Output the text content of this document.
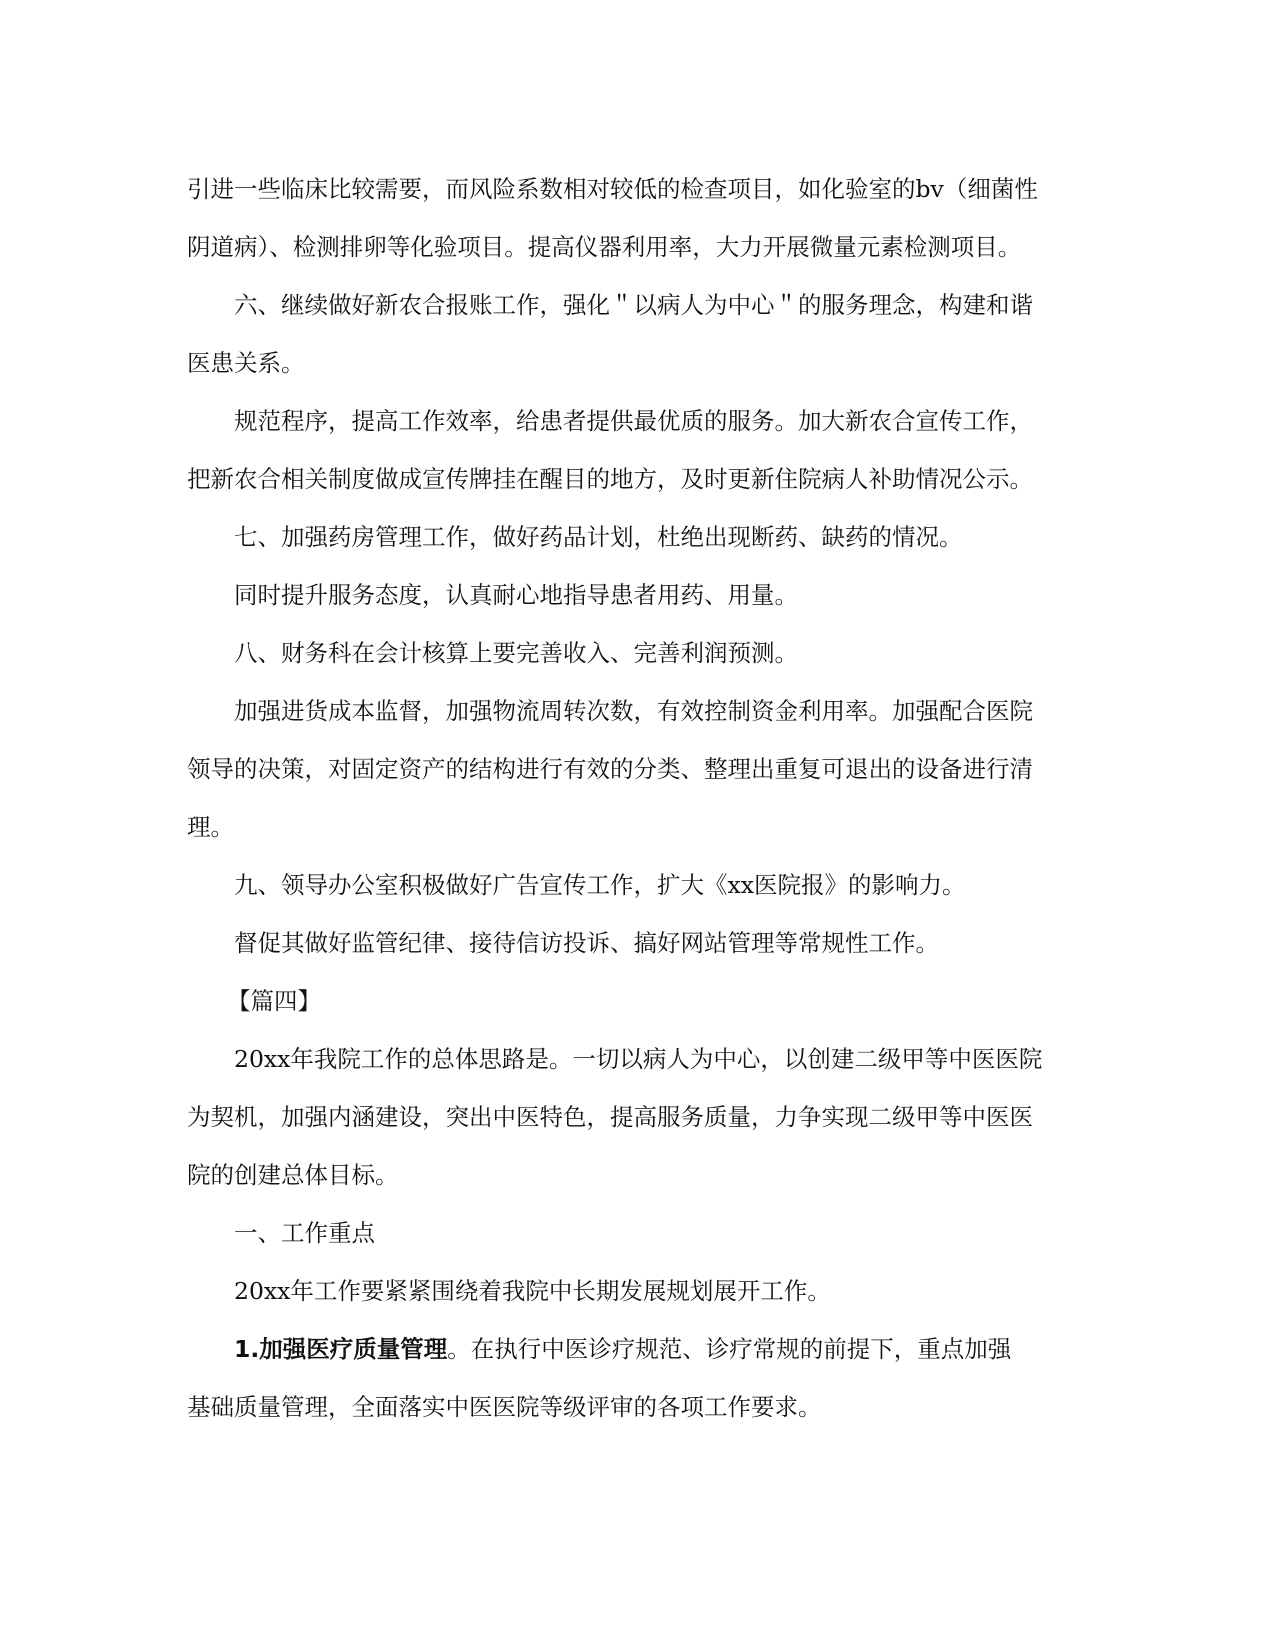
引进一些临床比较需要，而风险系数相对较低的检查项目，如化验室的bv（细菌性
阴道病）、检测排卵等化验项目。提高仪器利用率，大力开展微量元素检测项目。
六、继续做好新农合报账工作，强化＂以病人为中心＂的服务理念，构建和谐
医患关系。
规范程序，提高工作效率，给患者提供最优质的服务。加大新农合宣传工作，
把新农合相关制度做成宣传牌挂在醒目的地方，及时更新住院病人补助情况公示。
七、加强药房管理工作，做好药品计划，杜绝出现断药、缺药的情况。
同时提升服务态度，认真耐心地指导患者用药、用量。
八、财务科在会计核算上要完善收入、完善利润预测。
加强进货成本监督，加强物流周转次数，有效控制资金利用率。加强配合医院
领导的决策，对固定资产的结构进行有效的分类、整理出重复可退出的设备进行清
理。
九、领导办公室积极做好广告宣传工作，扩大《xx医院报》的影响力。
督促其做好监管纪律、接待信访投诉、搞好网站管理等常规性工作。
【篇四】
20xx年我院工作的总体思路是。一切以病人为中心，以创建二级甲等中医医院
为契机，加强内涵建设，突出中医特色，提高服务质量，力争实现二级甲等中医医
院的创建总体目标。
一、工作重点
20xx年工作要紧紧围绕着我院中长期发展规划展开工作。
1.加强医疗质量管理。在执行中医诊疗规范、诊疗常规的前提下，重点加强
基础质量管理，全面落实中医医院等级评审的各项工作要求。
